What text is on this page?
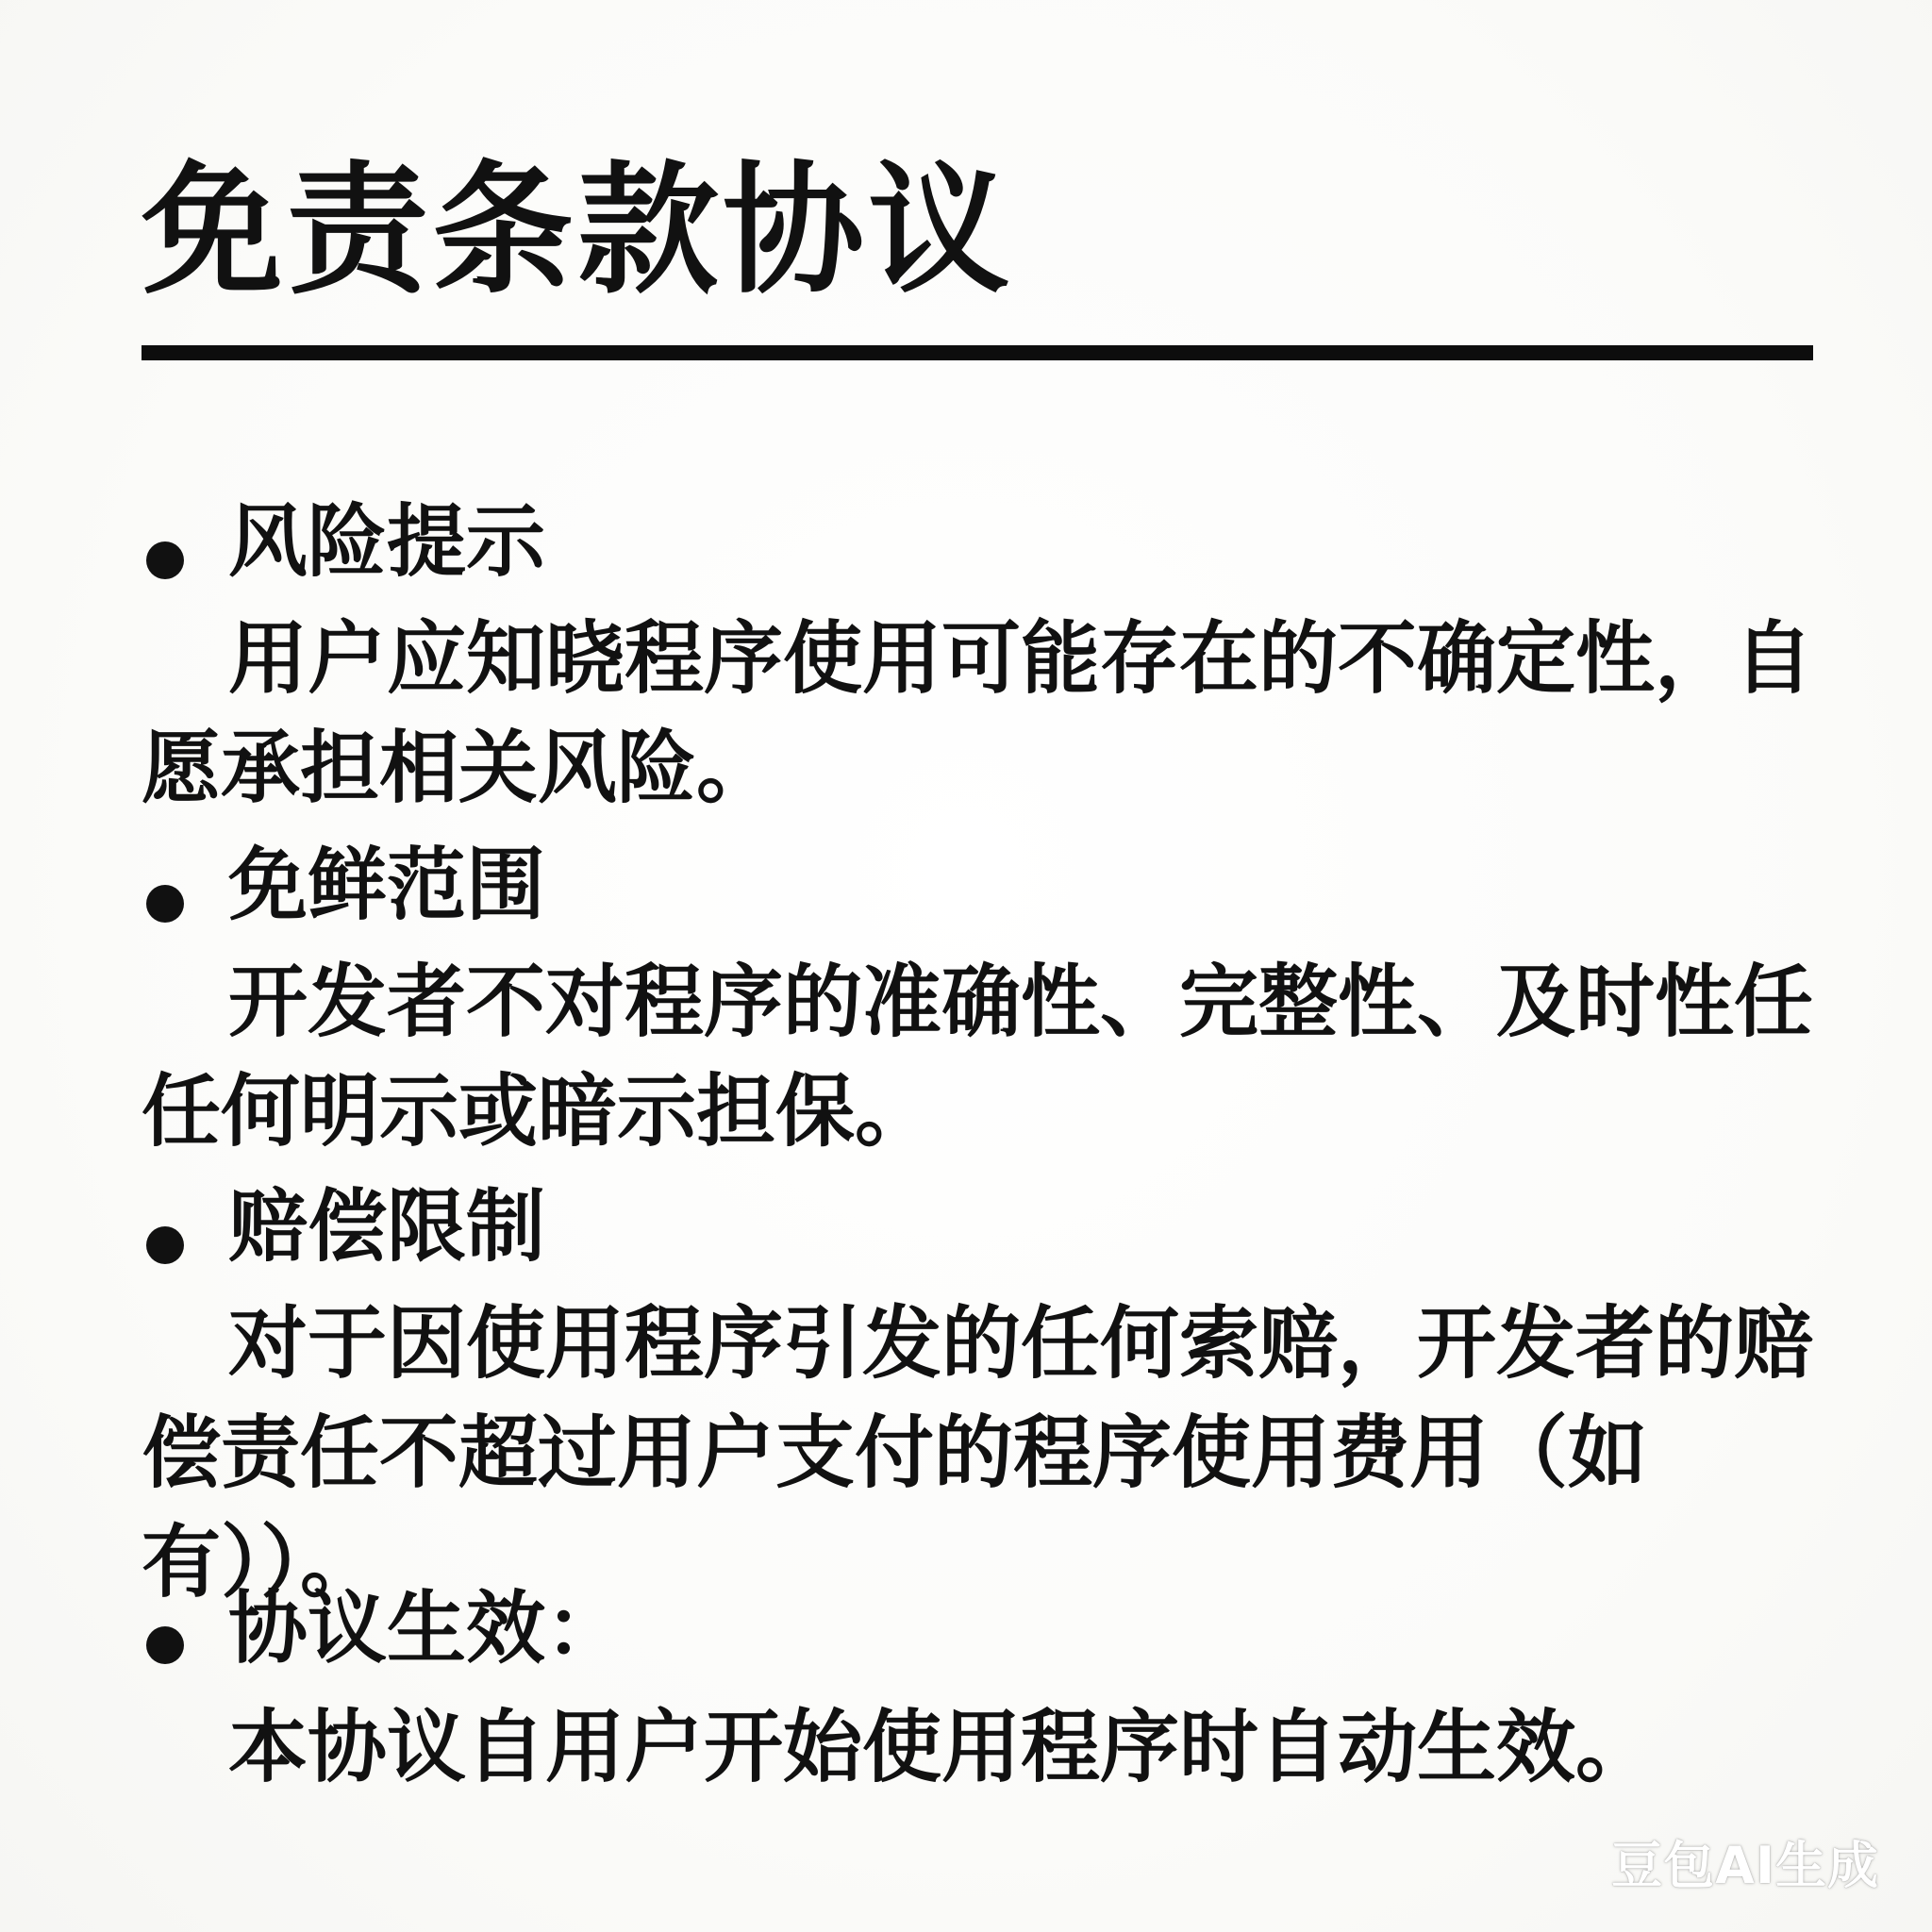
免责条款协议
风险提示

用户应知晓程序使用可能存在的不确定性，自愿承担相关风险。

免鲜范围

开发者不对程序的准确性、完整性、及时性任任何明示或暗示担保。

赔偿限制

对于因使用程序引发的任何索赔，开发者的赔偿责任不超过用户支付的程序使用费用（如有））。

协议生效：

本协议自用户开始使用程序时自动生效。

豆包AI生成
